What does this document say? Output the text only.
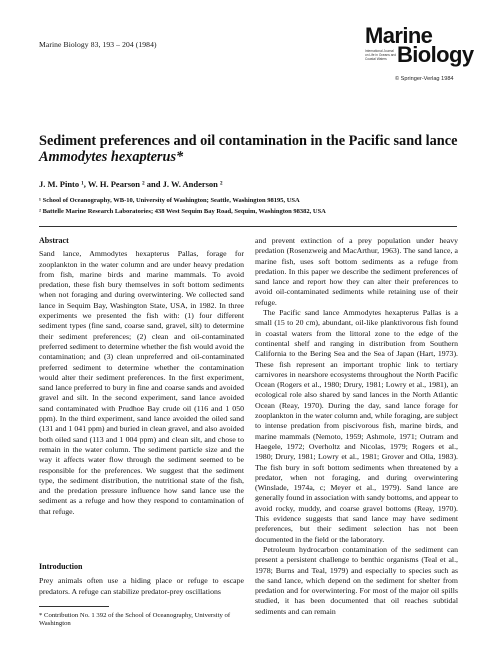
Marine Biology 83, 193 – 204 (1984)	Marine
Biology
International Journal on Life in Oceans and Coastal Waters
© Springer-Verlag 1984
Sediment preferences and oil contamination in the Pacific sand lance
Ammodytes hexapterus*
J. M. Pinto ¹, W. H. Pearson ² and J. W. Anderson ²
¹ School of Oceanography, WB-10, University of Washington; Seattle, Washington 98195, USA
² Battelle Marine Research Laboratories; 438 West Sequim Bay Road, Sequim, Washington 98382, USA

Abstract

Sand lance, Ammodytes hexapterus Pallas, forage for zooplankton in the water column and are under heavy predation from fish, marine birds and marine mammals. To avoid predation, these fish bury themselves in soft bottom sediments when not foraging and during overwintering. We collected sand lance in Sequim Bay, Washington State, USA, in 1982. In three experiments we presented the fish with: (1) four different sediment types (fine sand, coarse sand, gravel, silt) to determine their sediment preferences; (2) clean and oil-contaminated preferred sediment to determine whether the fish would avoid the contamination; and (3) clean unpreferred and oil-contaminated preferred sediment to determine whether the contamination would alter their sediment preferences. In the first experiment, sand lance preferred to bury in fine and coarse sands and avoided gravel and silt. In the second experiment, sand lance avoided sand contaminated with Prudhoe Bay crude oil (116 and 1 050 ppm). In the third experiment, sand lance avoided the oiled sand (131 and 1 041 ppm) and buried in clean gravel, and also avoided both oiled sand (113 and 1 004 ppm) and clean silt, and chose to remain in the water column. The sediment particle size and the way it affects water flow through the sediment seemed to be responsible for the preferences. We suggest that the sediment type, the sediment distribution, the nutritional state of the fish, and the predation pressure influence how sand lance use the sediment as a refuge and how they respond to contamination of that refuge.

Introduction

Prey animals often use a hiding place or refuge to escape predators. A refuge can stabilize predator-prey oscillations

* Contribution No. 1 392 of the School of Oceanography, University of Washington

and prevent extinction of a prey population under heavy predation (Rosenzweig and MacArthur, 1963). The sand lance, a marine fish, uses soft bottom sediments as a refuge from predation. In this paper we describe the sediment preferences of sand lance and report how they can alter their preferences to avoid oil-contaminated sediments while retaining use of their refuge.

The Pacific sand lance Ammodytes hexapterus Pallas is a small (15 to 20 cm), abundant, oil-like planktivorous fish found in coastal waters from the littoral zone to the edge of the continental shelf and ranging in distribution from Southern California to the Bering Sea and the Sea of Japan (Hart, 1973). These fish represent an important trophic link to tertiary carnivores in nearshore ecosystems throughout the North Pacific Ocean (Rogers et al., 1980; Drury, 1981; Lowry et al., 1981), an ecological role also shared by sand lances in the North Atlantic Ocean (Reay, 1970). During the day, sand lance forage for zooplankton in the water column and, while foraging, are subject to intense predation from piscivorous fish, marine birds, and marine mammals (Nemoto, 1959; Ashmole, 1971; Outram and Haegele, 1972; Overholtz and Nicolas, 1979; Rogers et al., 1980; Drury, 1981; Lowry et al., 1981; Grover and Olla, 1983). The fish bury in soft bottom sediments when threatened by a predator, when not foraging, and during overwintering (Winslade, 1974a, c; Meyer et al., 1979). Sand lance are generally found in association with sandy bottoms, and appear to avoid rocky, muddy, and coarse gravel bottoms (Reay, 1970). This evidence suggests that sand lance may have sediment preferences, but their sediment selection has not been documented in the field or the laboratory.

Petroleum hydrocarbon contamination of the sediment can present a persistent challenge to benthic organisms (Teal et al., 1978; Burns and Teal, 1979) and especially to species such as the sand lance, which depend on the sediment for shelter from predation and for overwintering. For most of the major oil spills studied, it has been documented that oil reaches subtidal sediments and can remain
